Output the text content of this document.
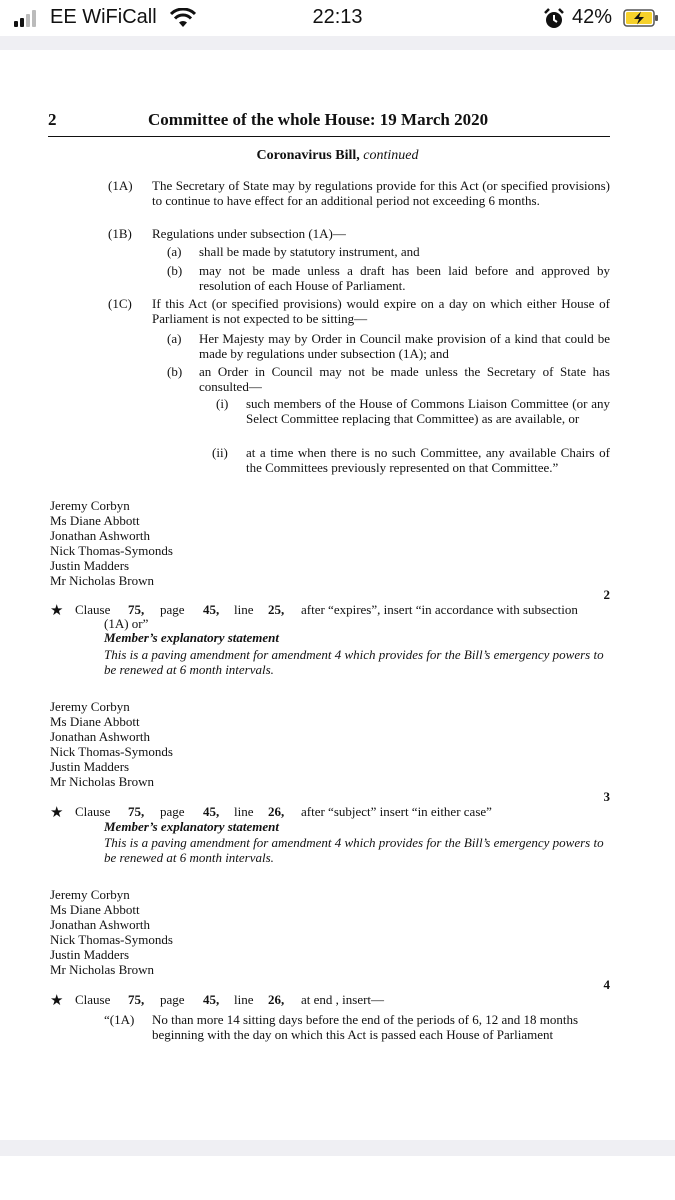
EE WiFiCall	22:13	42%
2	Committee of the whole House: 19 March 2020
Coronavirus Bill, continued
(1A) The Secretary of State may by regulations provide for this Act (or specified provisions) to continue to have effect for an additional period not exceeding 6 months.
(1B) Regulations under subsection (1A)—
(a) shall be made by statutory instrument, and
(b) may not be made unless a draft has been laid before and approved by resolution of each House of Parliament.
(1C) If this Act (or specified provisions) would expire on a day on which either House of Parliament is not expected to be sitting—
(a) Her Majesty may by Order in Council make provision of a kind that could be made by regulations under subsection (1A); and
(b) an Order in Council may not be made unless the Secretary of State has consulted—
(i) such members of the House of Commons Liaison Committee (or any Select Committee replacing that Committee) as are available, or
(ii) at a time when there is no such Committee, any available Chairs of the Committees previously represented on that Committee.”
Jeremy Corbyn
Ms Diane Abbott
Jonathan Ashworth
Nick Thomas-Symonds
Justin Madders
Mr Nicholas Brown
2
★ Clause 75, page 45, line 25, after “expires”, insert “in accordance with subsection
(1A) or”
Member’s explanatory statement
This is a paving amendment for amendment 4 which provides for the Bill’s emergency powers to
be renewed at 6 month intervals.
Jeremy Corbyn
Ms Diane Abbott
Jonathan Ashworth
Nick Thomas-Symonds
Justin Madders
Mr Nicholas Brown
3
★ Clause 75, page 45, line 26, after “subject” insert “in either case”
Member’s explanatory statement
This is a paving amendment for amendment 4 which provides for the Bill’s emergency powers to
be renewed at 6 month intervals.
Jeremy Corbyn
Ms Diane Abbott
Jonathan Ashworth
Nick Thomas-Symonds
Justin Madders
Mr Nicholas Brown
4
★ Clause 75, page 45, line 26, at end , insert—
“(1A) No than more 14 sitting days before the end of the periods of 6, 12 and 18 months
beginning with the day on which this Act is passed each House of Parliament
